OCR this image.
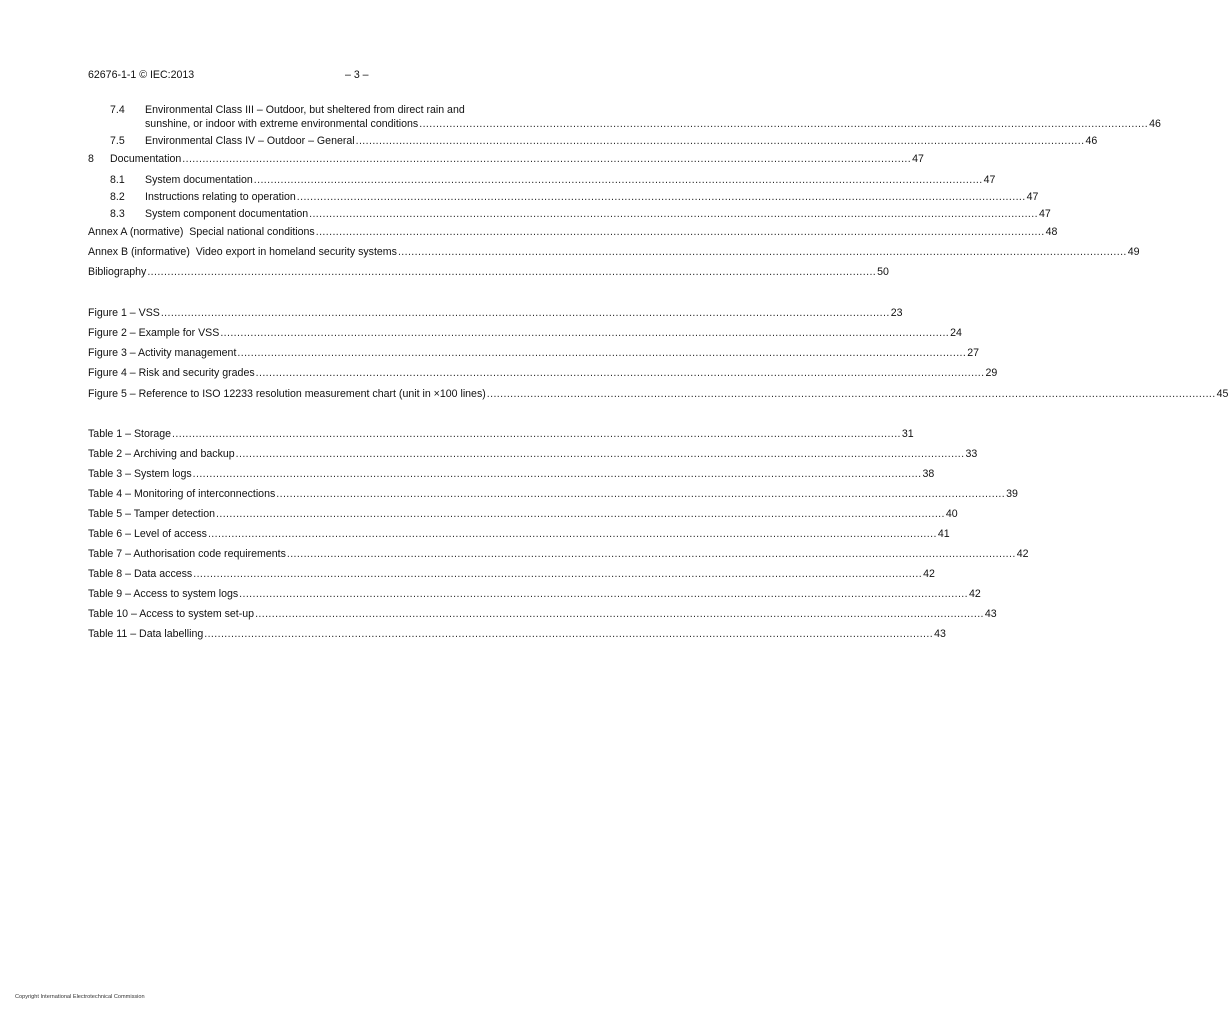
62676-1-1 © IEC:2013	– 3 –
7.4 Environmental Class III – Outdoor, but sheltered from direct rain and
sunshine, or indoor with extreme environmental conditions .....	46
7.5	Environmental Class IV – Outdoor – General .....	46
8	Documentation .....	47
8.1	System documentation .....	47
8.2	Instructions relating to operation .....	47
8.3	System component documentation .....	47
Annex A (normative)  Special national conditions .....	48
Annex B (informative)  Video export in homeland security systems .....	49
Bibliography .....	50
Figure 1 – VSS .....	23
Figure 2 – Example for VSS .....	24
Figure 3 – Activity management .....	27
Figure 4 – Risk and security grades .....	29
Figure 5 – Reference to ISO 12233 resolution measurement chart (unit in ×100 lines) .....	45
Table 1 – Storage .....	31
Table 2 – Archiving and backup .....	33
Table 3 – System logs .....	38
Table 4 – Monitoring of interconnections .....	39
Table 5 – Tamper detection .....	40
Table 6 – Level of access .....	41
Table 7 – Authorisation code requirements .....	42
Table 8 – Data access .....	42
Table 9 – Access to system logs .....	42
Table 10 – Access to system set-up .....	43
Table 11 – Data labelling .....	43
Copyright International Electrotechnical Commission
